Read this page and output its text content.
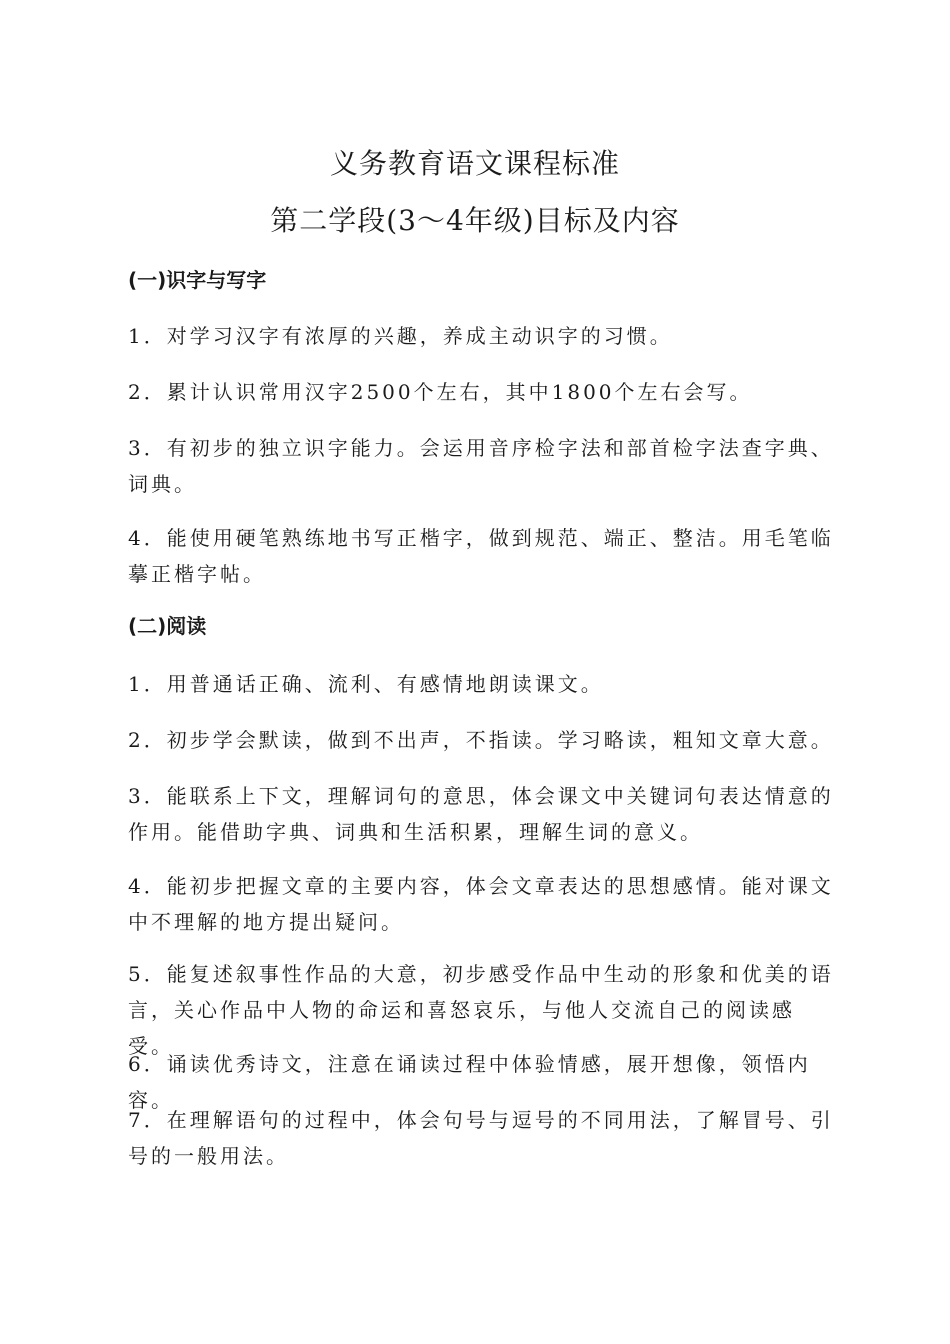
义务教育语文课程标准
第二学段(3～4年级)目标及内容
(一)识字与写字
1．对学习汉字有浓厚的兴趣，养成主动识字的习惯。
2．累计认识常用汉字2500个左右，其中1800个左右会写。
3．有初步的独立识字能力。会运用音序检字法和部首检字法查字典、词典。
4．能使用硬笔熟练地书写正楷字，做到规范、端正、整洁。用毛笔临摹正楷字帖。
(二)阅读
1．用普通话正确、流利、有感情地朗读课文。
2．初步学会默读，做到不出声，不指读。学习略读，粗知文章大意。
3．能联系上下文，理解词句的意思，体会课文中关键词句表达情意的作用。能借助字典、词典和生活积累，理解生词的意义。
4．能初步把握文章的主要内容，体会文章表达的思想感情。能对课文中不理解的地方提出疑问。
5．能复述叙事性作品的大意，初步感受作品中生动的形象和优美的语言，关心作品中人物的命运和喜怒哀乐，与他人交流自己的阅读感受。
6．诵读优秀诗文，注意在诵读过程中体验情感，展开想像，领悟内容。
7．在理解语句的过程中，体会句号与逗号的不同用法，了解冒号、引号的一般用法。
